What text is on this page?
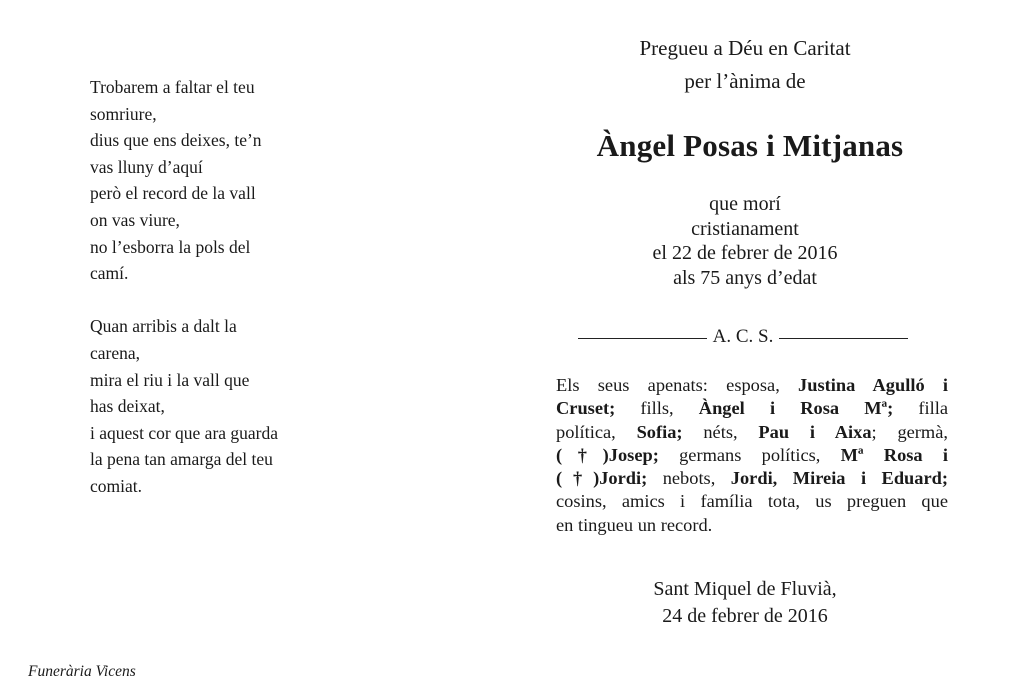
Trobarem a faltar el teu
somriure,
dius que ens deixes, te’n
vas lluny d’aquí
però el record de la vall
on vas viure,
no l’esborra la pols del
camí.

Quan arribis a dalt la
carena,
mira el riu i la vall que
has deixat,
i aquest cor que ara guarda
la pena tan amarga del teu
comiat.

Pregueu a Déu en Caritat
per l’ànima de
Àngel Posas i Mitjanas
que morí
cristianament
el 22 de febrer de 2016
als 75 anys d’edat
A. C. S.
Els seus apenats: esposa, Justina Agulló i
Cruset; fills, Àngel i Rosa Mª; filla
política, Sofia; néts, Pau i Aixa; germà,
(†)Josep; germans polítics, Mª Rosa i
(†)Jordi; nebots, Jordi, Mireia i Eduard;
cosins, amics i família tota, us preguen que
en tingueu un record.
Sant Miquel de Fluvià,
24 de febrer de 2016
Funerària Vicens
